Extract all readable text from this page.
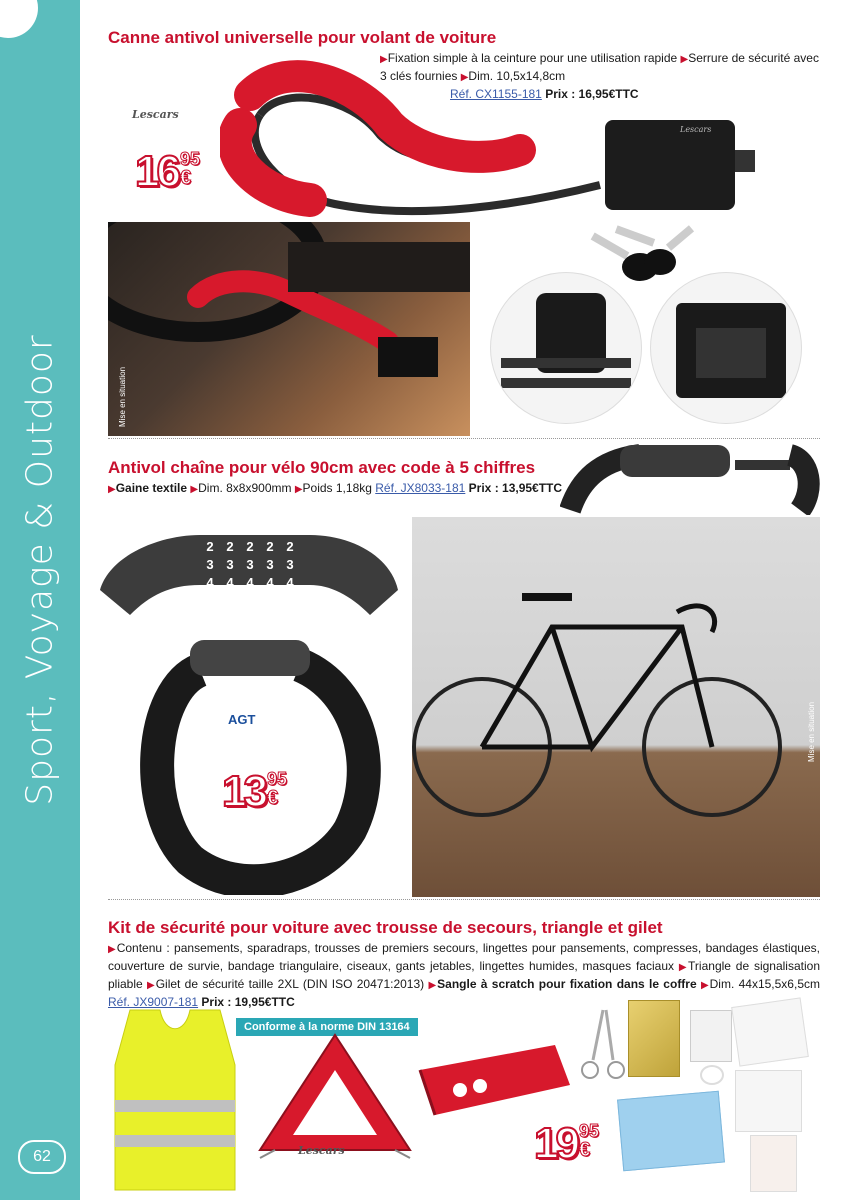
Sport, Voyage & Outdoor
62
Canne antivol universelle pour volant de voiture
▶Fixation simple à la ceinture pour une utilisation rapide ▶Serrure de sécurité avec 3 clés fournies ▶Dim. 10,5x14,8cm
Réf. CX1155-181 Prix : 16,95€TTC
Lescars
Lescars
16 95
€
Mise en situation
Antivol chaîne pour vélo 90cm avec code à 5 chiffres
▶Gaine textile ▶Dim. 8x8x900mm ▶Poids 1,18kg Réf. JX8033-181 Prix : 13,95€TTC
1 1 1 1 1
2 2 2 2 2
3 3 3 3 3
4 4 4 4 4
AGT
13 95
€
Mise en situation
Kit de sécurité pour voiture avec trousse de secours, triangle et gilet
▶Contenu : pansements, sparadraps, trousses de premiers secours, lingettes pour pansements, compresses, bandages élastiques, couverture de survie, bandage triangulaire, ciseaux, gants jetables, lingettes humides, masques faciaux ▶Triangle de signalisation pliable ▶Gilet de sécurité taille 2XL (DIN ISO 20471:2013) ▶Sangle à scratch pour fixation dans le coffre ▶Dim. 44x15,5x6,5cm Réf. JX9007-181 Prix : 19,95€TTC
Conforme à la norme DIN 13164
Lescars	19 95
€
